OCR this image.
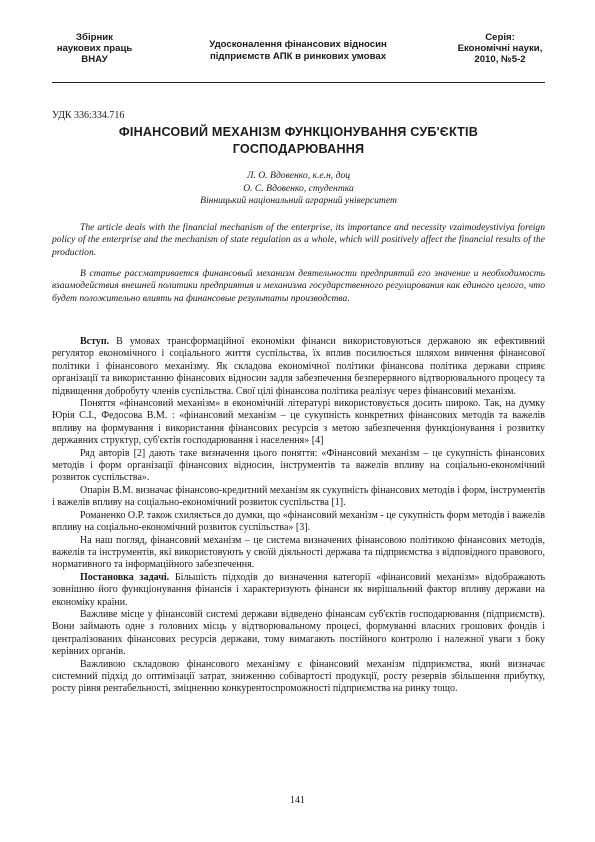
Збірник
наукових праць
ВНАУ
Удосконалення фінансових відносин
підприємств АПК в ринкових умовах
Серія:
Економічні науки,
2010, №5-2
УДК 336:334.716
ФІНАНСОВИЙ МЕХАНІЗМ ФУНКЦІОНУВАННЯ СУБ'ЄКТІВ
ГОСПОДАРЮВАННЯ
Л. О. Вдовенко, к.е.н, доц
О. С. Вдовенко, студентка
Вінницький національний аграрний університет

The article deals with the financial mechanism of the enterprise, its importance and necessity vzaimodeystiviya foreign policy of the enterprise and the mechanism of state regulation as a whole, which will positively affect the financial results of the production.

В статье рассматривается финансовый механизм деятельности предприятий его значение и необходимость взаимодействия внешней политики предприятия и механизма государственного регулирования как единого целого, что будет положительно влиять на финансовые результаты производства.

Вступ. В умовах трансформаційної економіки фінанси використовуються державою як ефективний регулятор економічного і соціального життя суспільства, їх вплив посилюється шляхом вивчення фінансової політики і фінансового механізму. Як складова економічної політики фінансова політика держави сприяє організації та використанню фінансових відносин задля забезпечення безперервного відтворювального процесу та підвищення добробуту членів суспільства. Свої цілі фінансова політика реалізує через фінансовий механізм.

Поняття «фінансовий механізм» в економічній літературі використовується досить широко. Так, на думку Юрія С.І., Федосова В.М. : «фінансовий механізм – це сукупність конкретних фінансових методів та важелів впливу на формування і використання фінансових ресурсів з метою забезпечення функціонування і розвитку державних структур, суб'єктів господарювання і населення» [4]

Ряд авторів [2] дають таке визначення цього поняття: «Фінансовий механізм – це сукупність фінансових методів і форм організації фінансових відносин, інструментів та важелів впливу на соціально-економічний розвиток суспільства».

Опарін В.М. визначає фінансово-кредитний механізм як сукупність фінансових методів і форм, інструментів і важелів впливу на соціально-економічний розвиток суспільства [1].

Романенко О.Р. також схиляється до думки, що «фінансовий механізм - це сукупність форм методів і важелів впливу на соціально-економічний розвиток суспільства» [3].

На наш погляд, фінансовий механізм – це система визначених фінансовою політикою фінансових методів, важелів та інструментів, які використовують у своїй діяльності держава та підприємства з відповідного правового, нормативного та інформаційного забезпечення.

Постановка задачі. Більшість підходів до визначення категорії «фінансовий механізм» відображають зовнішню його функціонування фінансів і характеризують фінанси як вирішальний фактор впливу держави на економіку країни.

Важливе місце у фінансовій системі держави відведено фінансам суб'єктів господарювання (підприємств). Вони займають одне з головних місць у відтворювальному процесі, формуванні власних грошових фондів і централізованих фінансових ресурсів держави, тому вимагають постійного контролю і належної уваги з боку керівних органів.

Важливою складовою фінансового механізму є фінансовий механізм підприємства, який визначає системний підхід до оптимізації затрат, зниженню собівартості продукції, росту резервів збільшення прибутку, росту рівня рентабельності, зміцненню конкурентоспроможності підприємства на ринку тощо.

141
